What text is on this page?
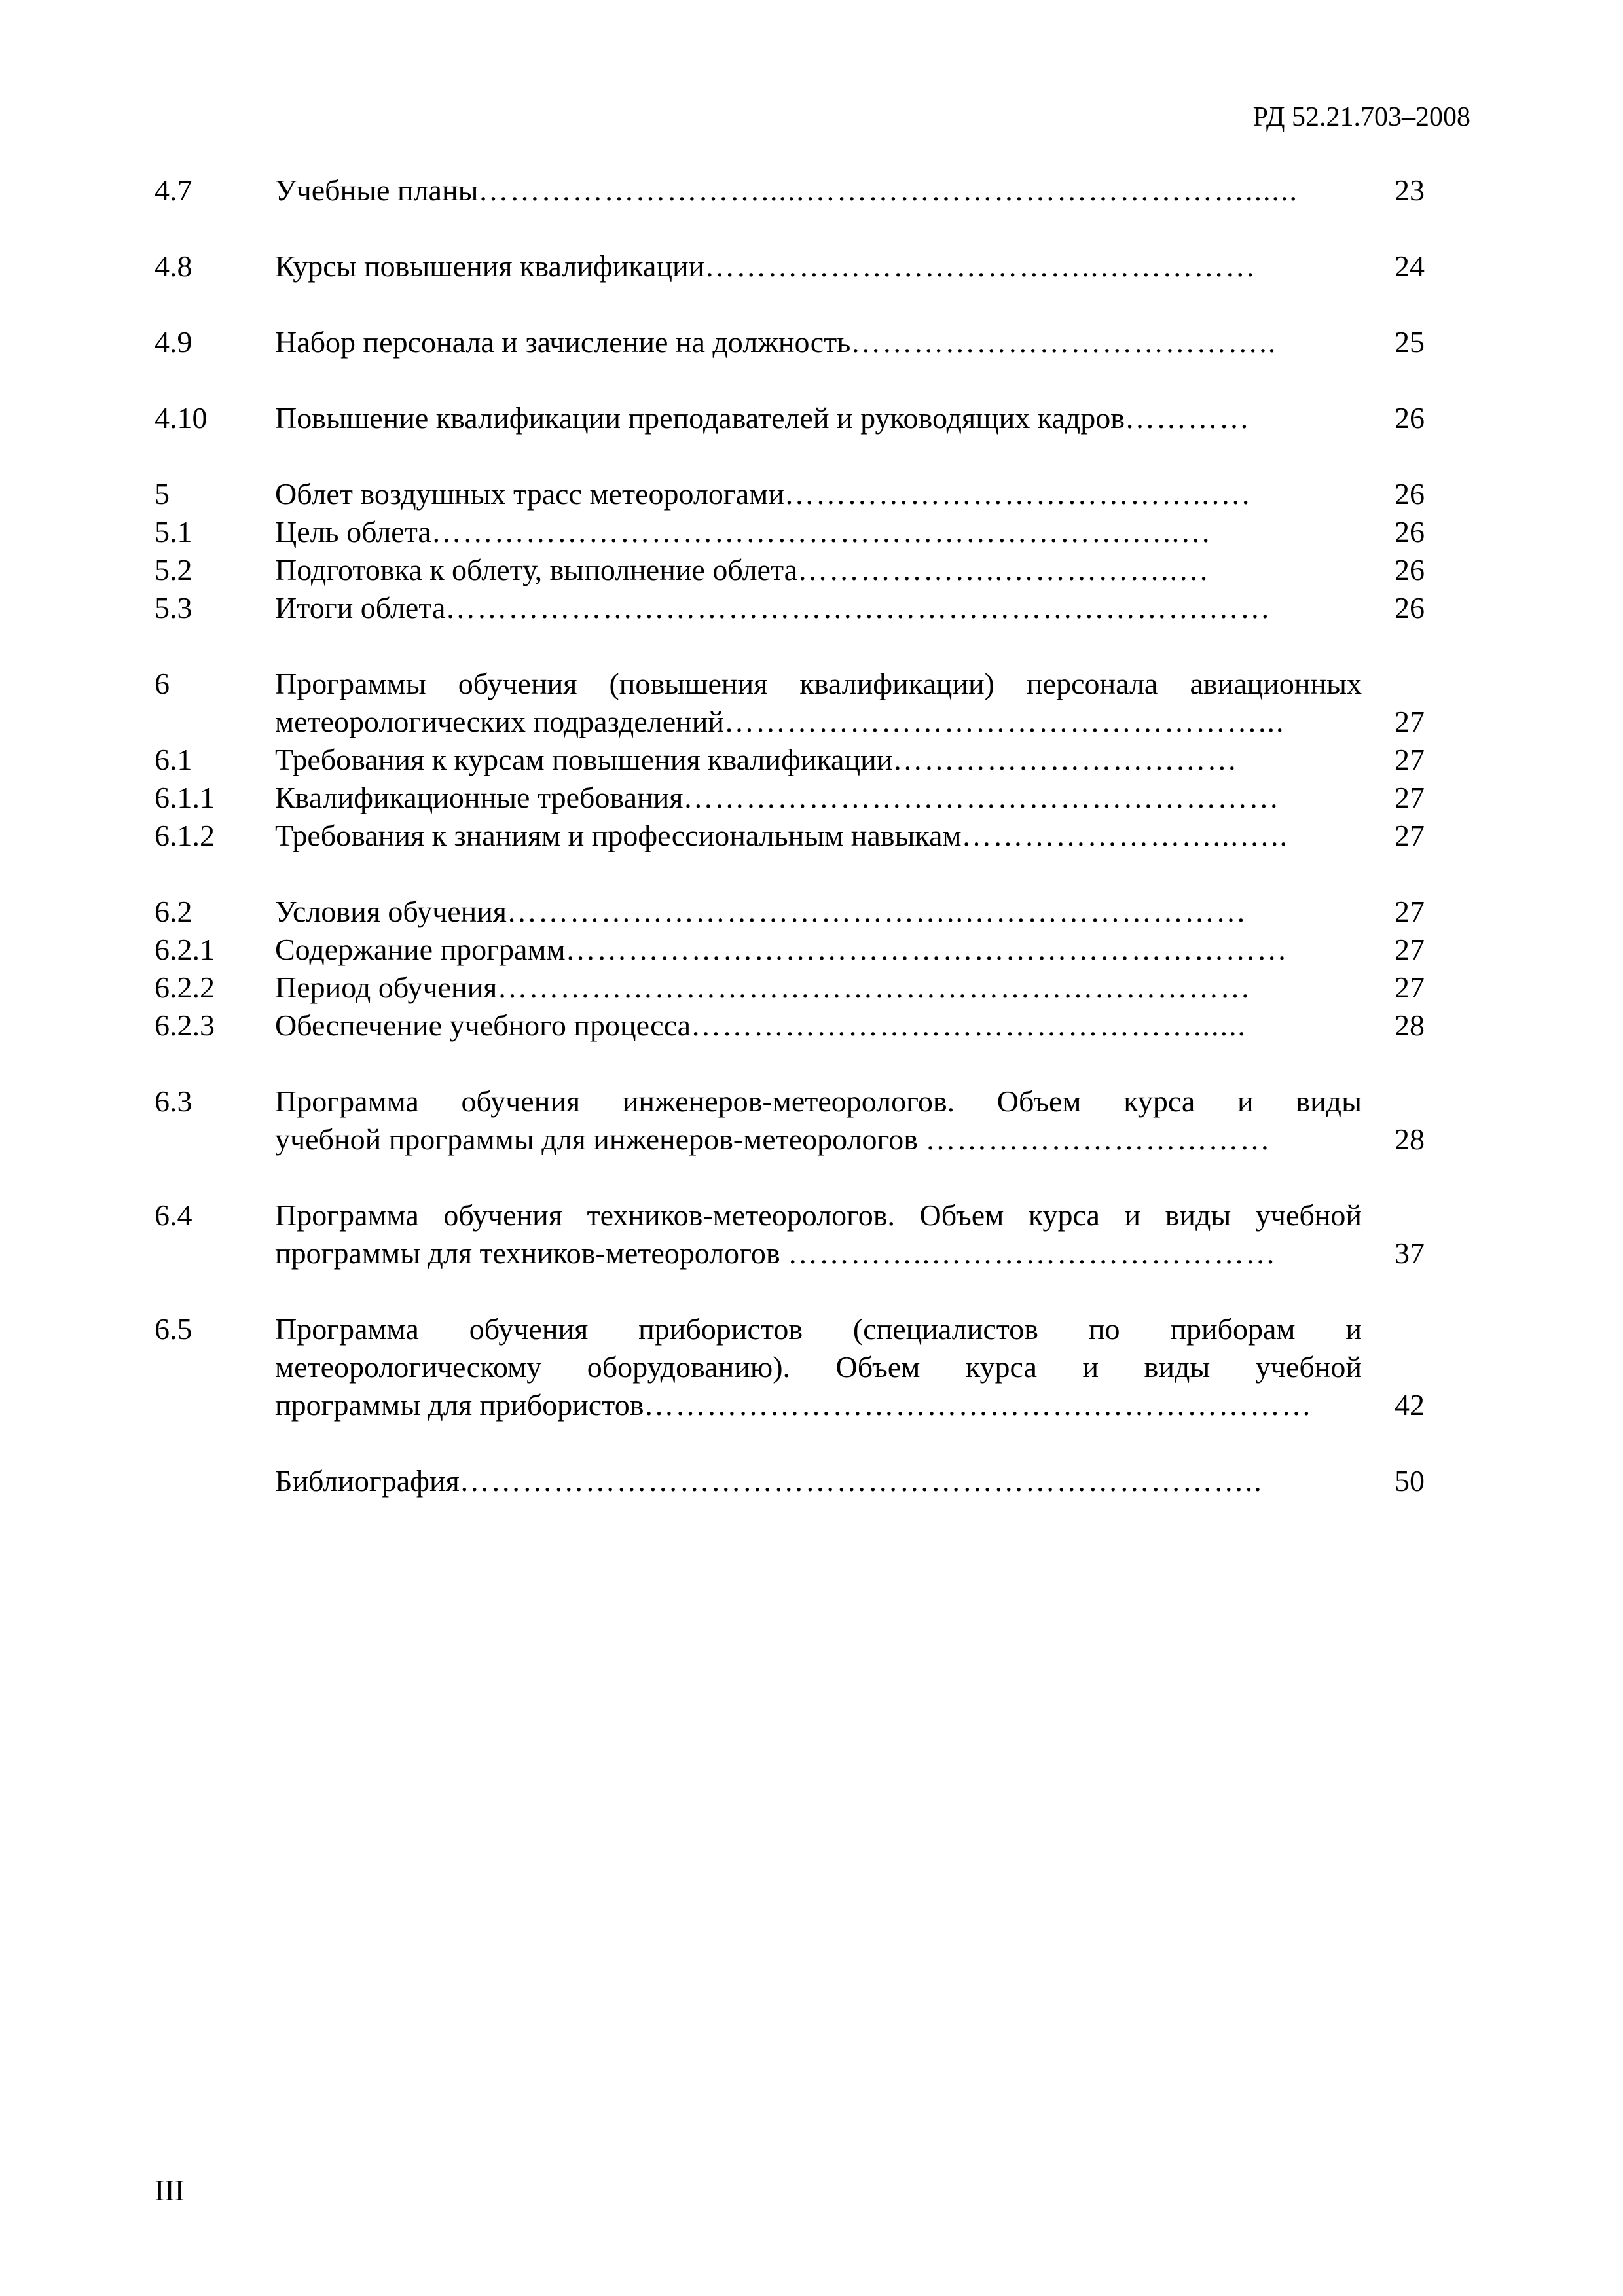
РД 52.21.703–2008
4.7	Учебные планы……………………….....……………………………………......	23
4.8	Курсы повышения квалификации………………………………..……………	24
4.9	Набор персонала и зачисление на должность…………………………………..	25
4.10	Повышение квалификации преподавателей и руководящих кадров…………	26
5	Облет воздушных трасс метеорологами…………………………………..….	26
5.1	Цель облета………………………………………………………….…..…	26
5.2	Подготовка к облету, выполнение облета………………..……………..…	26
5.3	Итоги облета……………………………………………………………….……	26
6	Программы обучения (повышения квалификации) персонала авиационных
метеорологических подразделений……………………………………………...	27
6.1	Требования к курсам повышения квалификации……………………………	27
6.1.1	Квалификационные требования…………………………………………………	27
6.1.2	Требования к знаниям и профессиональным навыкам……………………...…..	27
6.2	Условия обучения……………………………………..………………………	27
6.2.1	Содержание программ……………………………………………………………	27
6.2.2	Период обучения………………………………………………………………	27
6.2.3	Обеспечение учебного процесса…………………………………………......	28
6.3	Программа обучения инженеров-метеорологов. Объем курса и виды
учебной программы для инженеров-метеорологов ……………………………	28
6.4	Программа обучения техников-метеорологов. Объем курса и виды учебной
программы для техников-метеорологов …………..……………………………	37
6.5	Программа обучения прибористов (специалистов по приборам и
метеорологическому оборудованию). Объем курса и виды учебной
программы для прибористов…………………………………….…………………	42
Библиография…………………………………………………………………..	50
III
